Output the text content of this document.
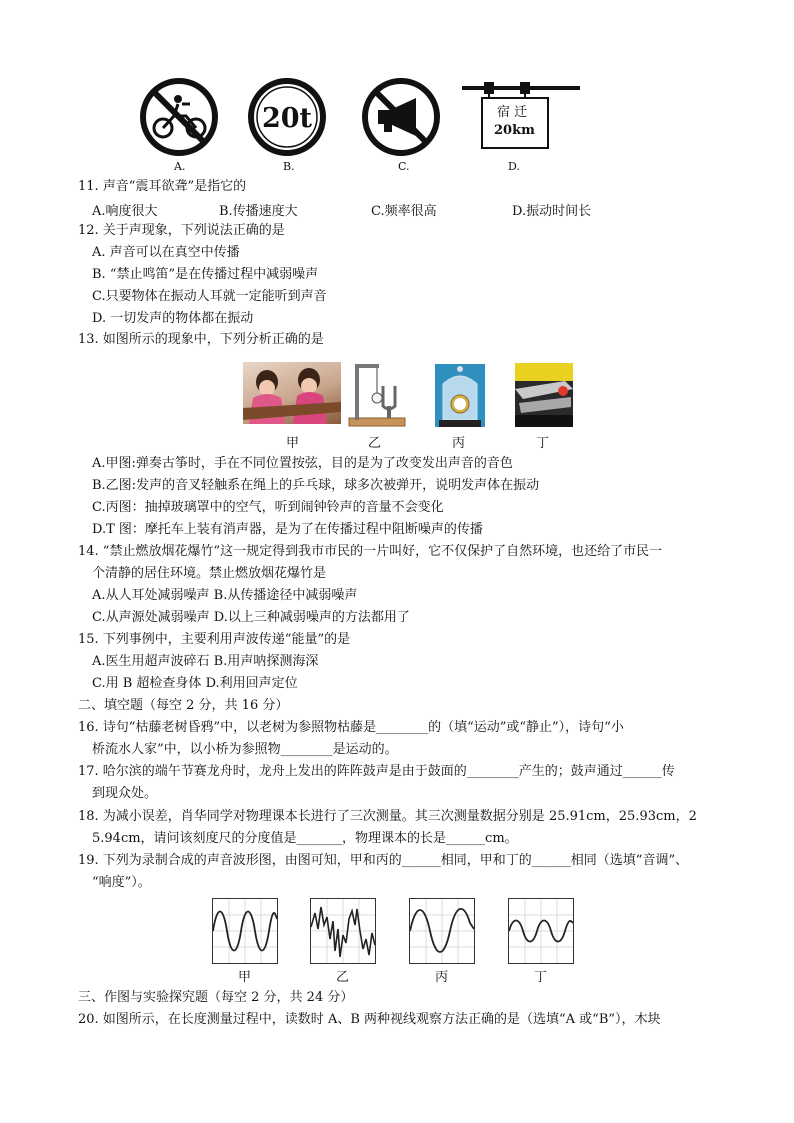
A.
20t
B.	C.
宿 迁
20km
D.
11. 声音“震耳欲聋”是指它的
A.响度很大	B.传播速度大	C.频率很高	D.振动时间长
12. 关于声现象，下列说法正确的是
A. 声音可以在真空中传播
B. “禁止鸣笛”是在传播过程中减弱噪声
C.只要物体在振动人耳就一定能听到声音
D. 一切发声的物体都在振动
13. 如图所示的现象中，下列分析正确的是
甲	乙	丙	丁
A.甲图:弹奏古筝时，手在不同位置按弦，目的是为了改变发出声音的音色
B.乙图:发声的音叉轻触系在绳上的乒乓球，球多次被弹开，说明发声体在振动
C.丙图：抽掉玻璃罩中的空气，听到闹钟铃声的音量不会变化
D.T 图：摩托车上装有消声器，是为了在传播过程中阻断噪声的传播
14. “禁止燃放烟花爆竹”这一规定得到我市市民的一片叫好，它不仅保护了自然环境，也还给了市民一
个清静的居住环境。禁止燃放烟花爆竹是
A.从人耳处减弱噪声 B.从传播途径中减弱噪声
C.从声源处减弱噪声 D.以上三种减弱噪声的方法都用了
15. 下列事例中，主要利用声波传递“能量”的是
A.医生用超声波碎石 B.用声呐探测海深
C.用 B 超检查身体 D.利用回声定位
二、填空题（每空 2 分，共 16 分）
16. 诗句“枯藤老树昏鸦”中，以老树为参照物枯藤是________的（填“运动”或“静止”），诗句“小
桥流水人家”中，以小桥为参照物________是运动的。
17. 哈尔滨的端午节赛龙舟时，龙舟上发出的阵阵鼓声是由于鼓面的________产生的；鼓声通过______传
到现众处。
18. 为减小误差，肖华同学对物理课本长进行了三次测量。其三次测量数据分别是 25.91cm，25.93cm，2
5.94cm，请问该刻度尺的分度值是_______，物理课本的长是______cm。
19. 下列为录制合成的声音波形图，由图可知，甲和丙的______相同，甲和丁的______相同（选填“音调”、
“响度”）。
甲	乙	丙	丁
三、作图与实验探究题（每空 2 分，共 24 分）
20. 如图所示，在长度测量过程中，读数时 A、B 两种视线观察方法正确的是（选填“A 或“B”），木块
